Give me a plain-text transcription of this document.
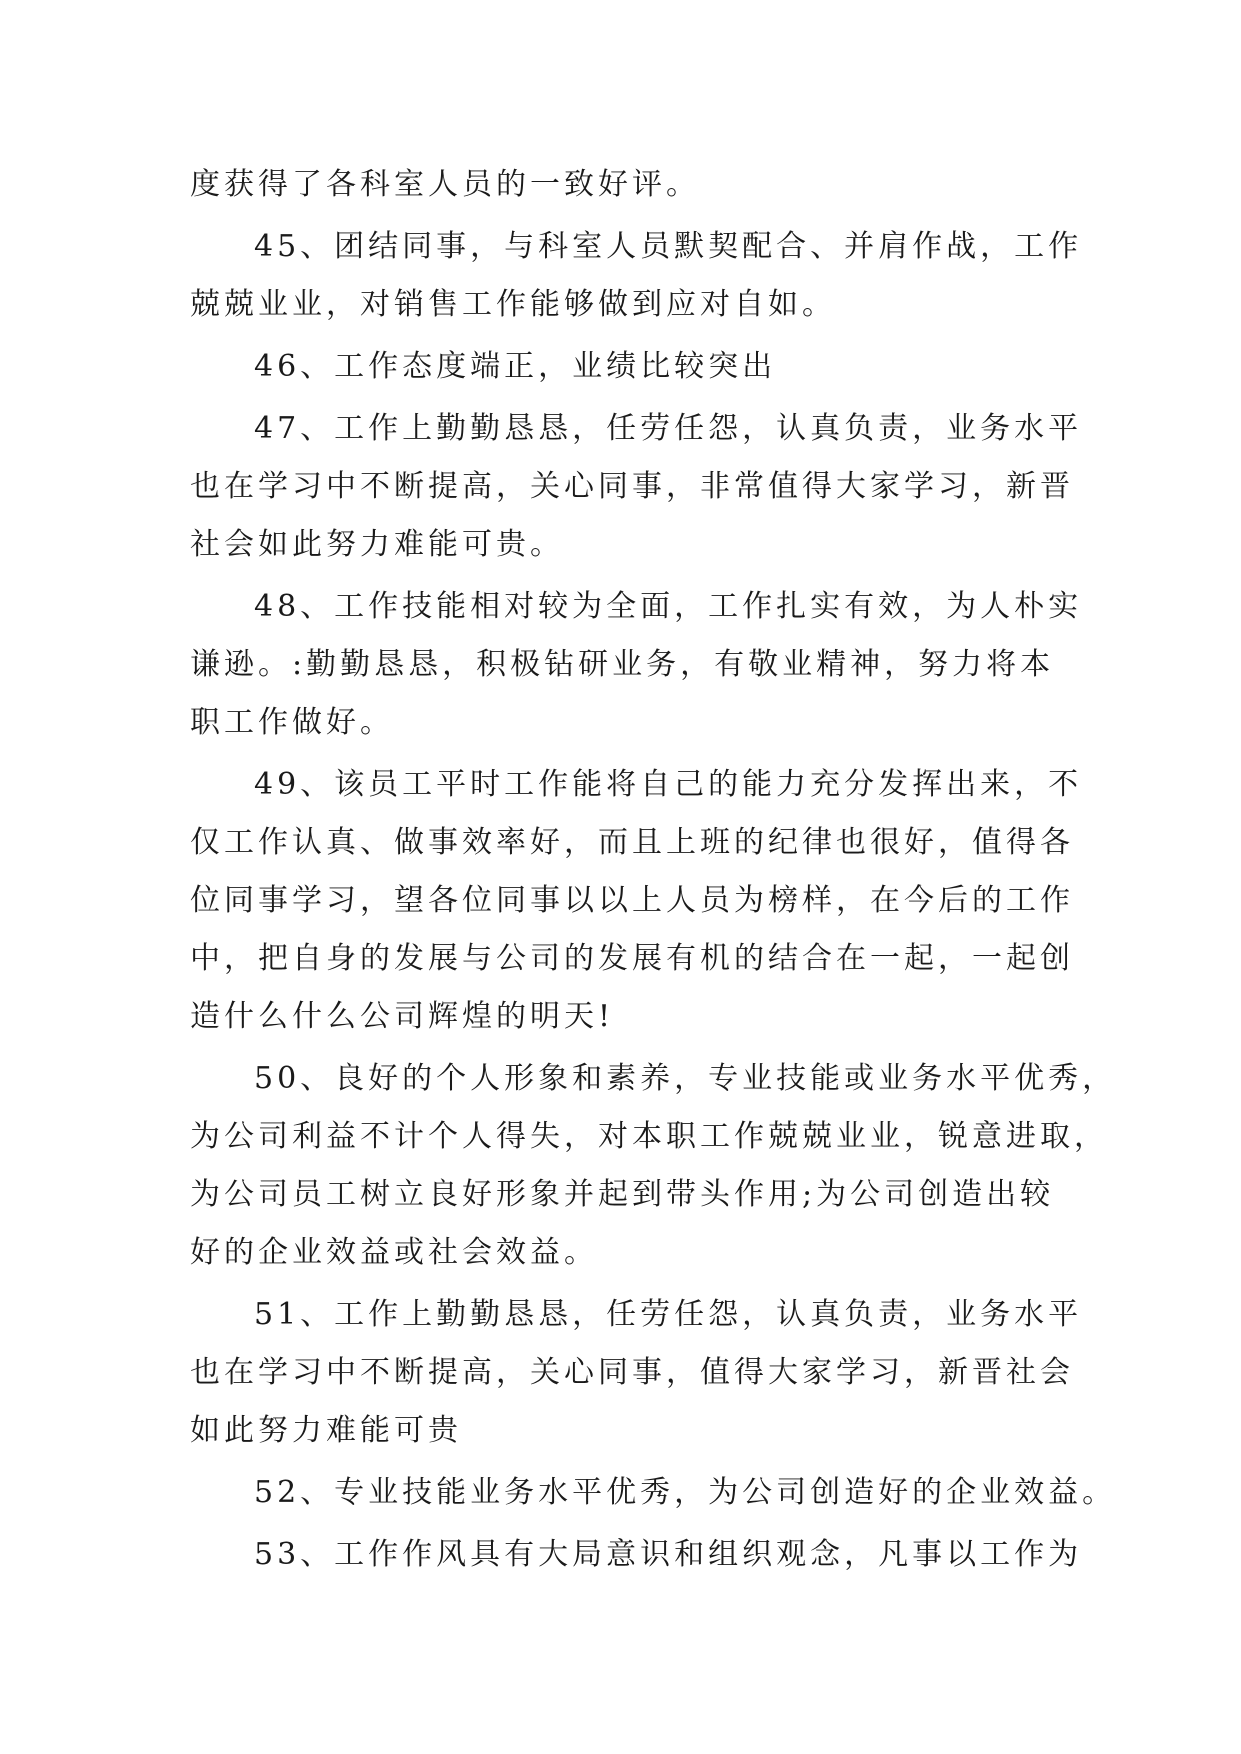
度获得了各科室人员的一致好评。
45、团结同事，与科室人员默契配合、并肩作战，工作
兢兢业业，对销售工作能够做到应对自如。
46、工作态度端正，业绩比较突出
47、工作上勤勤恳恳，任劳任怨，认真负责，业务水平
也在学习中不断提高，关心同事，非常值得大家学习，新晋
社会如此努力难能可贵。
48、工作技能相对较为全面，工作扎实有效，为人朴实
谦逊。:勤勤恳恳，积极钻研业务，有敬业精神，努力将本
职工作做好。
49、该员工平时工作能将自己的能力充分发挥出来，不
仅工作认真、做事效率好，而且上班的纪律也很好，值得各
位同事学习，望各位同事以以上人员为榜样，在今后的工作
中，把自身的发展与公司的发展有机的结合在一起，一起创
造什么什么公司辉煌的明天!
50、良好的个人形象和素养，专业技能或业务水平优秀，
为公司利益不计个人得失，对本职工作兢兢业业，锐意进取，
为公司员工树立良好形象并起到带头作用;为公司创造出较
好的企业效益或社会效益。
51、工作上勤勤恳恳，任劳任怨，认真负责，业务水平
也在学习中不断提高，关心同事，值得大家学习，新晋社会
如此努力难能可贵
52、专业技能业务水平优秀，为公司创造好的企业效益。
53、工作作风具有大局意识和组织观念，凡事以工作为
